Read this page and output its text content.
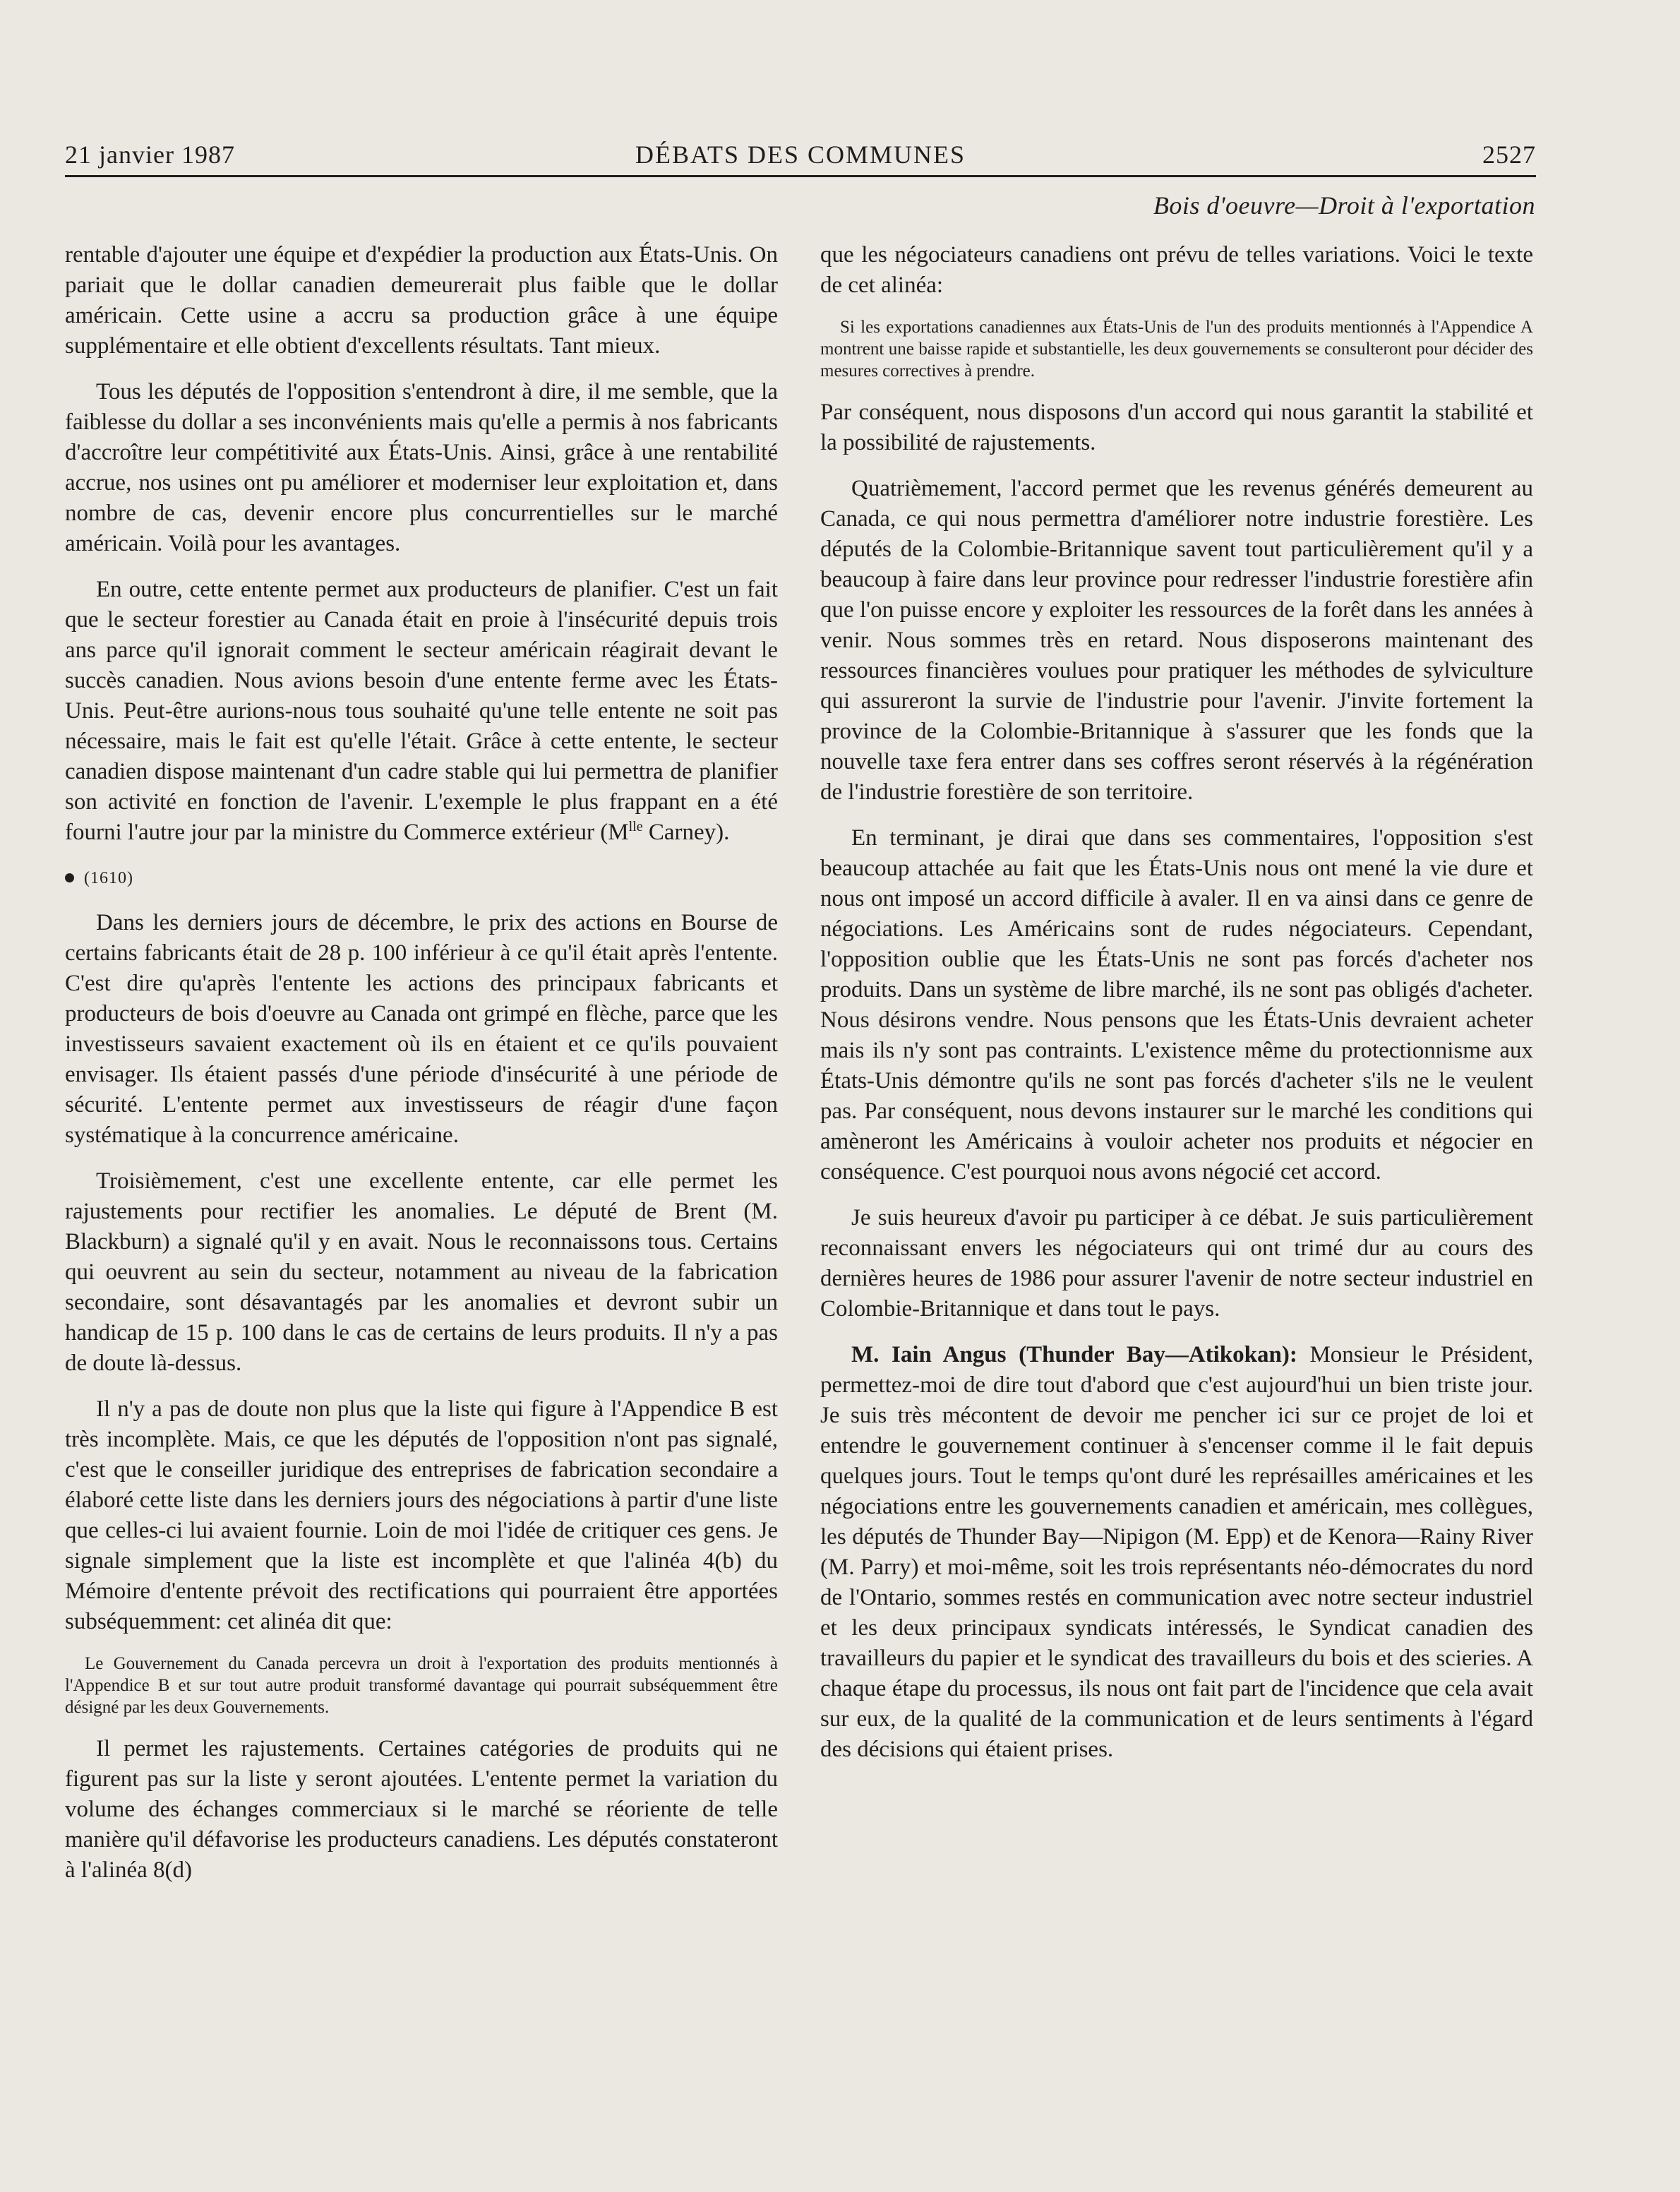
21 janvier 1987	DÉBATS DES COMMUNES	2527
Bois d'oeuvre—Droit à l'exportation

rentable d'ajouter une équipe et d'expédier la production aux États-Unis. On pariait que le dollar canadien demeurerait plus faible que le dollar américain. Cette usine a accru sa production grâce à une équipe supplémentaire et elle obtient d'excellents résultats. Tant mieux.

Tous les députés de l'opposition s'entendront à dire, il me semble, que la faiblesse du dollar a ses inconvénients mais qu'elle a permis à nos fabricants d'accroître leur compétitivité aux États-Unis. Ainsi, grâce à une rentabilité accrue, nos usines ont pu améliorer et moderniser leur exploitation et, dans nombre de cas, devenir encore plus concurrentielles sur le marché américain. Voilà pour les avantages.

En outre, cette entente permet aux producteurs de planifier. C'est un fait que le secteur forestier au Canada était en proie à l'insécurité depuis trois ans parce qu'il ignorait comment le secteur américain réagirait devant le succès canadien. Nous avions besoin d'une entente ferme avec les États-Unis. Peut-être aurions-nous tous souhaité qu'une telle entente ne soit pas nécessaire, mais le fait est qu'elle l'était. Grâce à cette entente, le secteur canadien dispose maintenant d'un cadre stable qui lui permettra de planifier son activité en fonction de l'avenir. L'exemple le plus frappant en a été fourni l'autre jour par la ministre du Commerce extérieur ($M^{lle}$ Carney).

(1610)

Dans les derniers jours de décembre, le prix des actions en Bourse de certains fabricants était de 28 p. 100 inférieur à ce qu'il était après l'entente. C'est dire qu'après l'entente les actions des principaux fabricants et producteurs de bois d'oeuvre au Canada ont grimpé en flèche, parce que les investisseurs savaient exactement où ils en étaient et ce qu'ils pouvaient envisager. Ils étaient passés d'une période d'insécurité à une période de sécurité. L'entente permet aux investisseurs de réagir d'une façon systématique à la concurrence américaine.

Troisièmement, c'est une excellente entente, car elle permet les rajustements pour rectifier les anomalies. Le député de Brent (M. Blackburn) a signalé qu'il y en avait. Nous le reconnaissons tous. Certains qui oeuvrent au sein du secteur, notamment au niveau de la fabrication secondaire, sont désavantagés par les anomalies et devront subir un handicap de 15 p. 100 dans le cas de certains de leurs produits. Il n'y a pas de doute là-dessus.

Il n'y a pas de doute non plus que la liste qui figure à l'Appendice B est très incomplète. Mais, ce que les députés de l'opposition n'ont pas signalé, c'est que le conseiller juridique des entreprises de fabrication secondaire a élaboré cette liste dans les derniers jours des négociations à partir d'une liste que celles-ci lui avaient fournie. Loin de moi l'idée de critiquer ces gens. Je signale simplement que la liste est incomplète et que l'alinéa 4(b) du Mémoire d'entente prévoit des rectifications qui pourraient être apportées subséquemment: cet alinéa dit que:

Le Gouvernement du Canada percevra un droit à l'exportation des produits mentionnés à l'Appendice B et sur tout autre produit transformé davantage qui pourrait subséquemment être désigné par les deux Gouvernements.

Il permet les rajustements. Certaines catégories de produits qui ne figurent pas sur la liste y seront ajoutées. L'entente permet la variation du volume des échanges commerciaux si le marché se réoriente de telle manière qu'il défavorise les producteurs canadiens. Les députés constateront à l'alinéa 8(d)

que les négociateurs canadiens ont prévu de telles variations. Voici le texte de cet alinéa:

Si les exportations canadiennes aux États-Unis de l'un des produits mentionnés à l'Appendice A montrent une baisse rapide et substantielle, les deux gouvernements se consulteront pour décider des mesures correctives à prendre.

Par conséquent, nous disposons d'un accord qui nous garantit la stabilité et la possibilité de rajustements.

Quatrièmement, l'accord permet que les revenus générés demeurent au Canada, ce qui nous permettra d'améliorer notre industrie forestière. Les députés de la Colombie-Britannique savent tout particulièrement qu'il y a beaucoup à faire dans leur province pour redresser l'industrie forestière afin que l'on puisse encore y exploiter les ressources de la forêt dans les années à venir. Nous sommes très en retard. Nous disposerons maintenant des ressources financières voulues pour pratiquer les méthodes de sylviculture qui assureront la survie de l'industrie pour l'avenir. J'invite fortement la province de la Colombie-Britannique à s'assurer que les fonds que la nouvelle taxe fera entrer dans ses coffres seront réservés à la régénération de l'industrie forestière de son territoire.

En terminant, je dirai que dans ses commentaires, l'opposition s'est beaucoup attachée au fait que les États-Unis nous ont mené la vie dure et nous ont imposé un accord difficile à avaler. Il en va ainsi dans ce genre de négociations. Les Américains sont de rudes négociateurs. Cependant, l'opposition oublie que les États-Unis ne sont pas forcés d'acheter nos produits. Dans un système de libre marché, ils ne sont pas obligés d'acheter. Nous désirons vendre. Nous pensons que les États-Unis devraient acheter mais ils n'y sont pas contraints. L'existence même du protectionnisme aux États-Unis démontre qu'ils ne sont pas forcés d'acheter s'ils ne le veulent pas. Par conséquent, nous devons instaurer sur le marché les conditions qui amèneront les Américains à vouloir acheter nos produits et négocier en conséquence. C'est pourquoi nous avons négocié cet accord.

Je suis heureux d'avoir pu participer à ce débat. Je suis particulièrement reconnaissant envers les négociateurs qui ont trimé dur au cours des dernières heures de 1986 pour assurer l'avenir de notre secteur industriel en Colombie-Britannique et dans tout le pays.

M. Iain Angus (Thunder Bay—Atikokan): Monsieur le Président, permettez-moi de dire tout d'abord que c'est aujourd'hui un bien triste jour. Je suis très mécontent de devoir me pencher ici sur ce projet de loi et entendre le gouvernement continuer à s'encenser comme il le fait depuis quelques jours. Tout le temps qu'ont duré les représailles américaines et les négociations entre les gouvernements canadien et américain, mes collègues, les députés de Thunder Bay—Nipigon (M. Epp) et de Kenora—Rainy River (M. Parry) et moi-même, soit les trois représentants néo-démocrates du nord de l'Ontario, sommes restés en communication avec notre secteur industriel et les deux principaux syndicats intéressés, le Syndicat canadien des travailleurs du papier et le syndicat des travailleurs du bois et des scieries. A chaque étape du processus, ils nous ont fait part de l'incidence que cela avait sur eux, de la qualité de la communication et de leurs sentiments à l'égard des décisions qui étaient prises.
